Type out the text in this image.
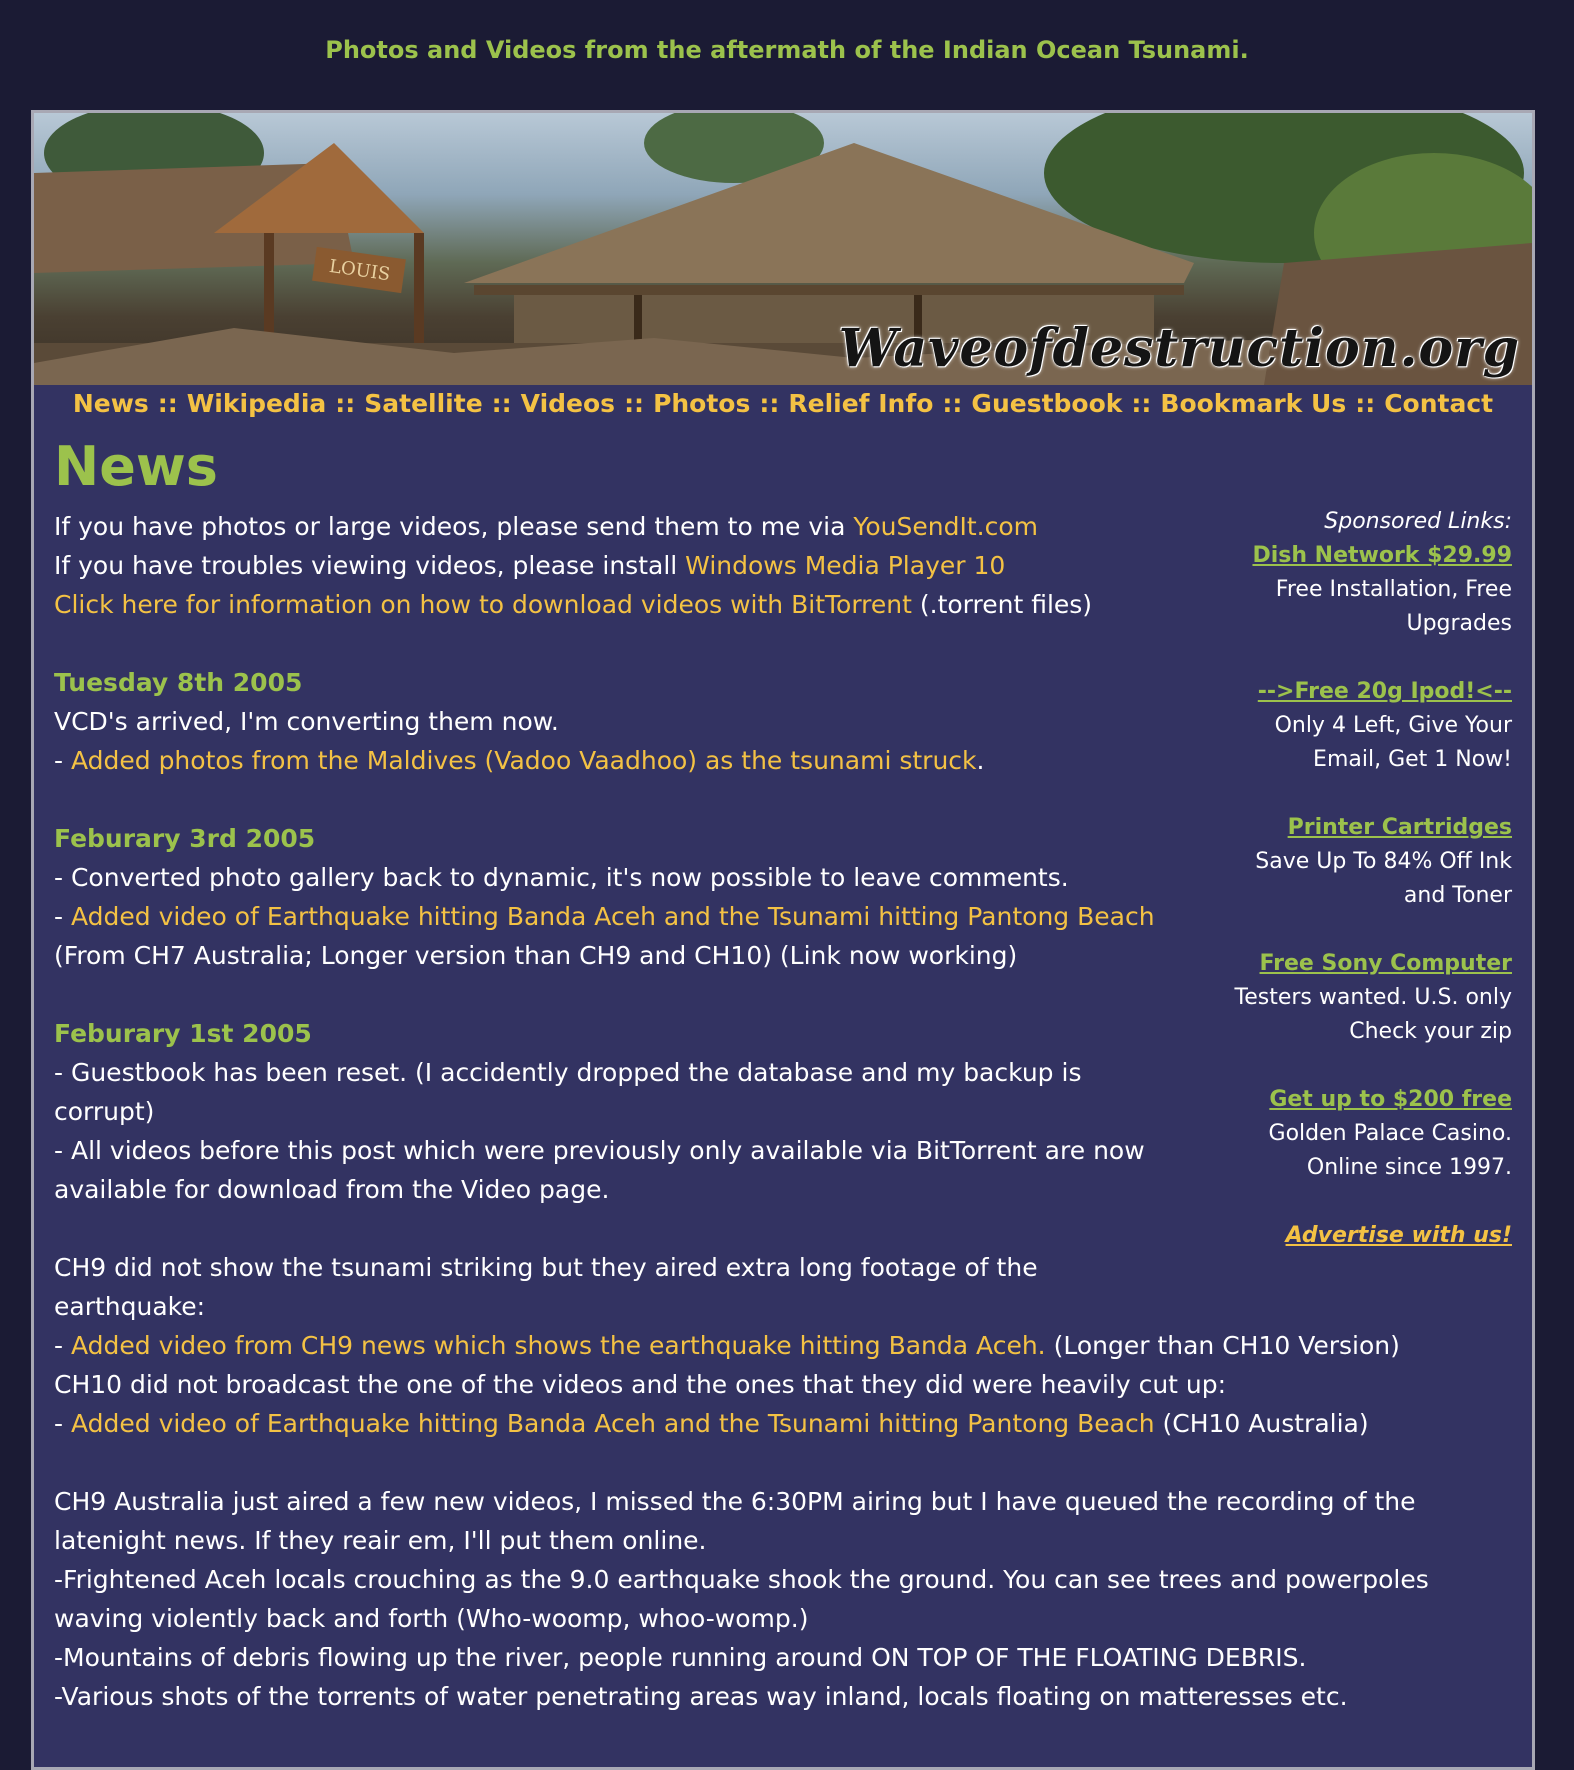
Photos and Videos from the aftermath of the Indian Ocean Tsunami.
LOUIS
Waveofdestruction.org
News :: Wikipedia :: Satellite :: Videos :: Photos :: Relief Info :: Guestbook :: Bookmark Us :: Contact
News

If you have photos or large videos, please send them to me via YouSendIt.com

If you have troubles viewing videos, please install Windows Media Player 10

Click here for information on how to download videos with BitTorrent (.torrent files)

Tuesday 8th 2005

VCD's arrived, I'm converting them now.

- Added photos from the Maldives (Vadoo Vaadhoo) as the tsunami struck.

Feburary 3rd 2005

- Converted photo gallery back to dynamic, it's now possible to leave comments.

- Added video of Earthquake hitting Banda Aceh and the Tsunami hitting Pantong Beach

(From CH7 Australia; Longer version than CH9 and CH10) (Link now working)

Feburary 1st 2005

- Guestbook has been reset. (I accidently dropped the database and my backup is

corrupt)

- All videos before this post which were previously only available via BitTorrent are now

available for download from the Video page.

CH9 did not show the tsunami striking but they aired extra long footage of the

earthquake:

- Added video from CH9 news which shows the earthquake hitting Banda Aceh. (Longer than CH10 Version)

CH10 did not broadcast the one of the videos and the ones that they did were heavily cut up:

- Added video of Earthquake hitting Banda Aceh and the Tsunami hitting Pantong Beach (CH10 Australia)

CH9 Australia just aired a few new videos, I missed the 6:30PM airing but I have queued the recording of the

latenight news. If they reair em, I'll put them online.

-Frightened Aceh locals crouching as the 9.0 earthquake shook the ground. You can see trees and powerpoles

waving violently back and forth (Who-woomp, whoo-womp.)

-Mountains of debris flowing up the river, people running around ON TOP OF THE FLOATING DEBRIS.

-Various shots of the torrents of water penetrating areas way inland, locals floating on matteresses etc.

Sponsored Links:
Dish Network $29.99
Free Installation, Free
Upgrades
-->Free 20g Ipod!<--
Only 4 Left, Give Your
Email, Get 1 Now!
Printer Cartridges
Save Up To 84% Off Ink
and Toner
Free Sony Computer
Testers wanted. U.S. only
Check your zip
Get up to $200 free
Golden Palace Casino.
Online since 1997.
Advertise with us!
